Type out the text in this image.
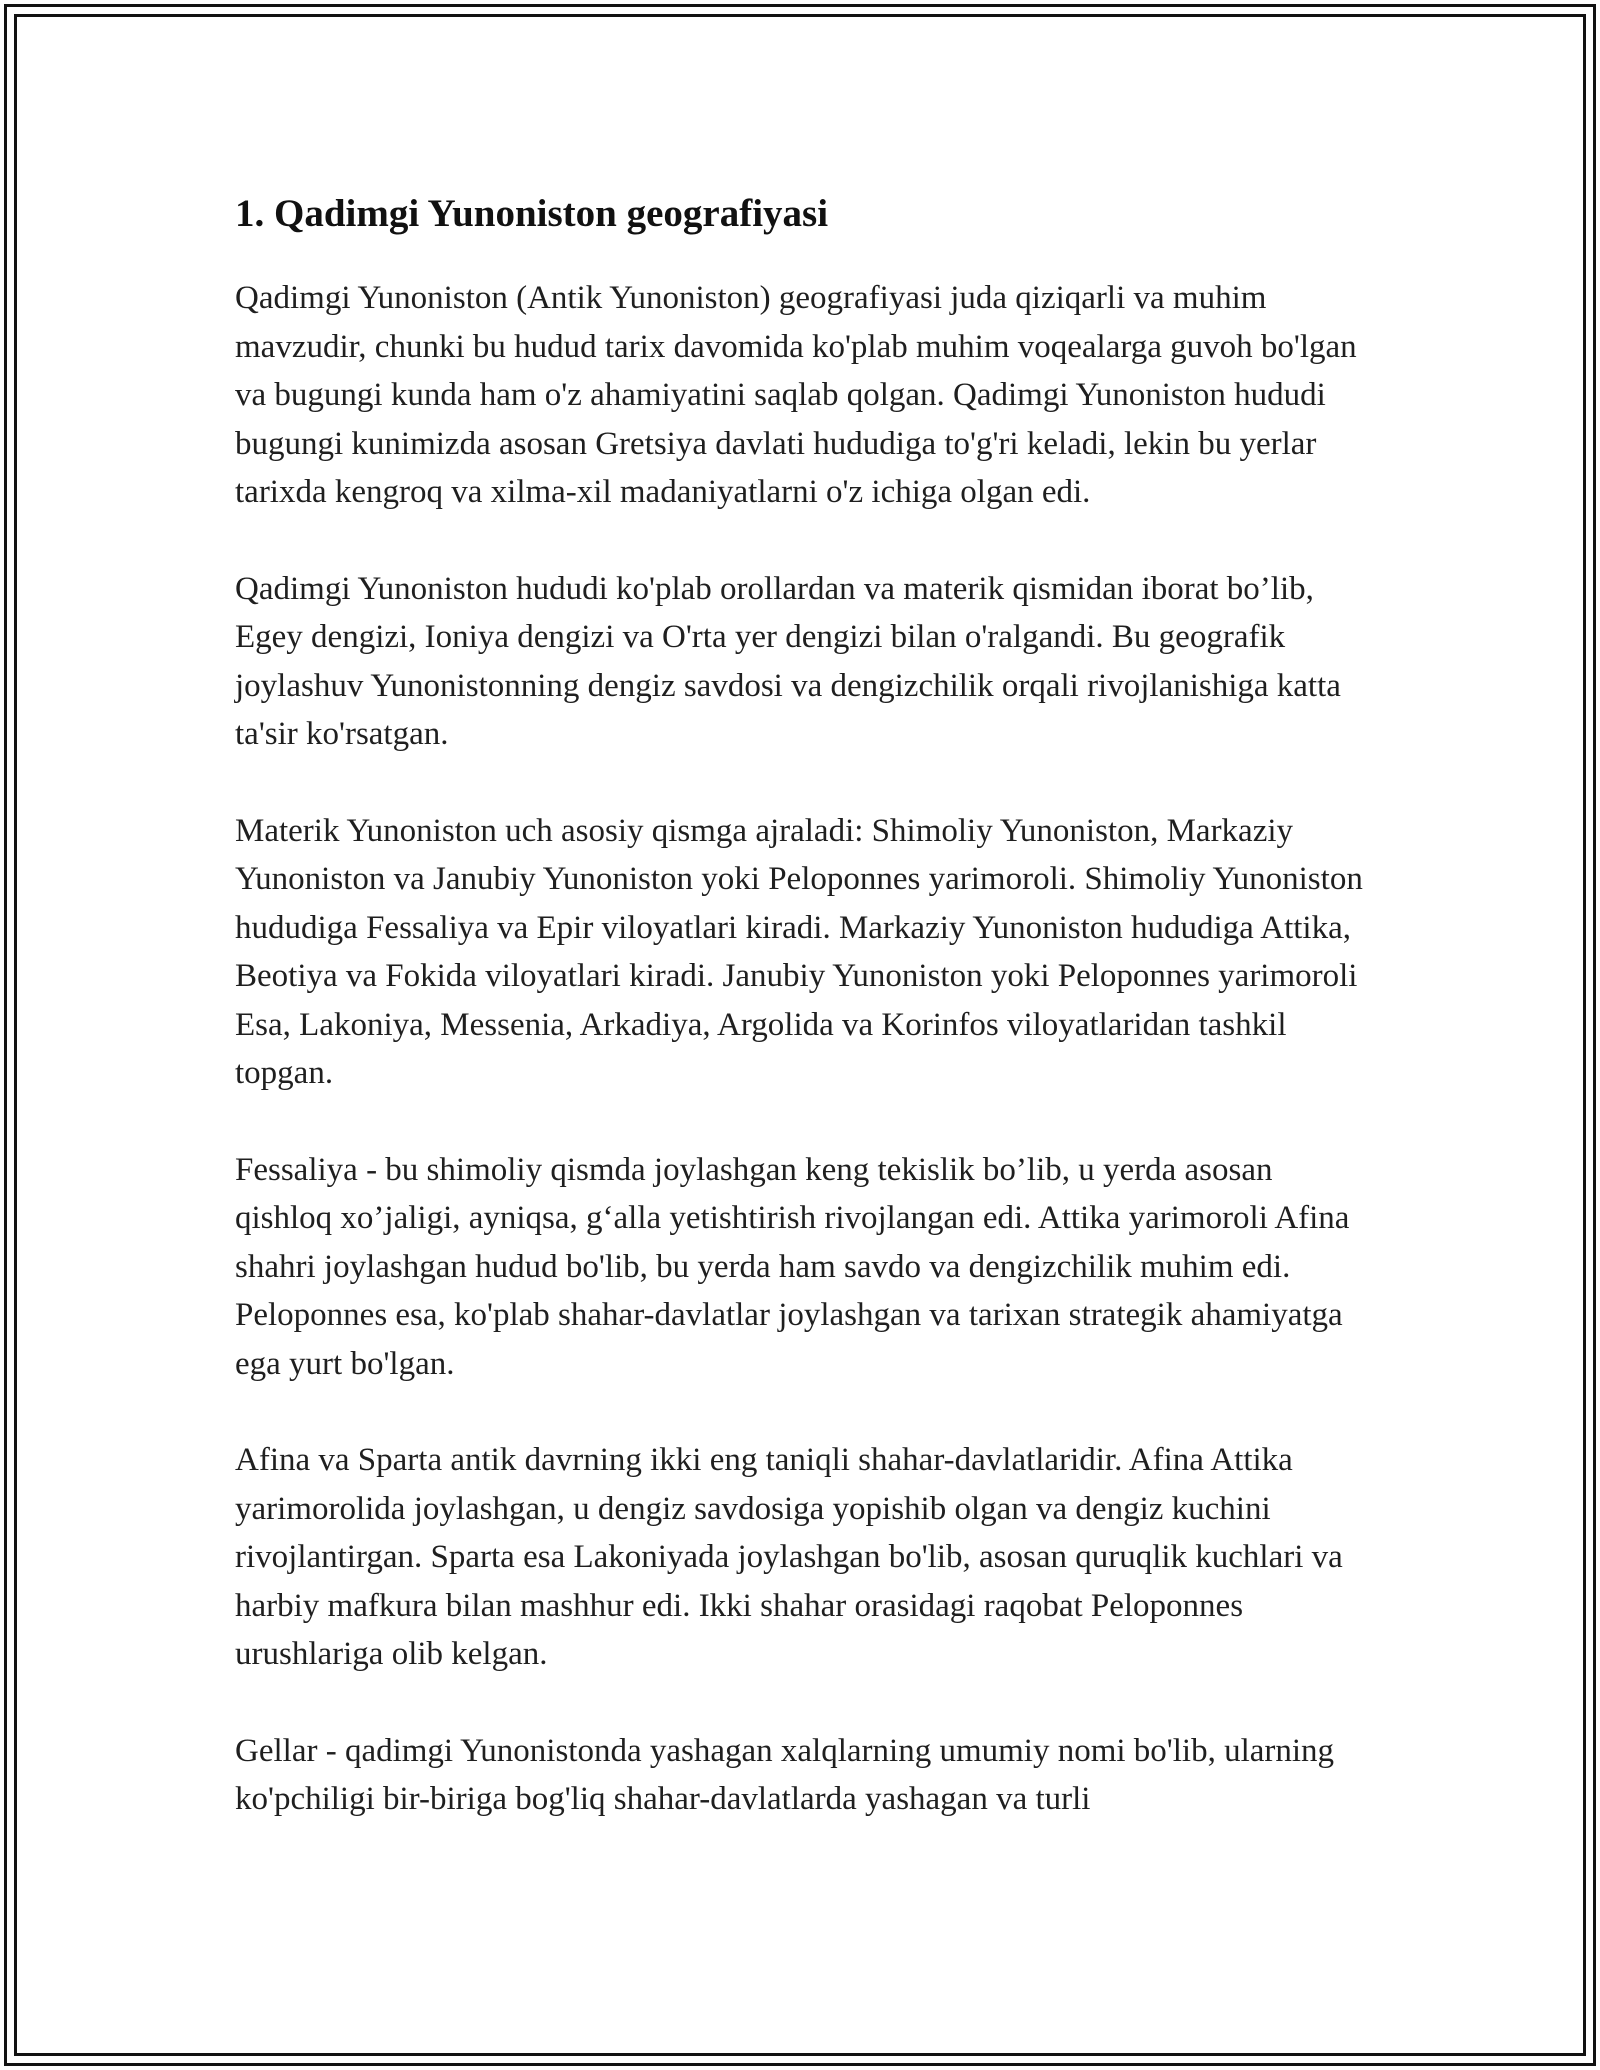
1. Qadimgi Yunoniston geografiyasi

Qadimgi Yunoniston (Antik Yunoniston) geografiyasi juda qiziqarli va muhim mavzudir, chunki bu hudud tarix davomida ko'plab muhim voqealarga guvoh bo'lgan va bugungi kunda ham o'z ahamiyatini saqlab qolgan. Qadimgi Yunoniston hududi bugungi kunimizda asosan Gretsiya davlati hududiga to'g'ri keladi, lekin bu yerlar tarixda kengroq va xilma-xil madaniyatlarni o'z ichiga olgan edi.

Qadimgi Yunoniston hududi ko'plab orollardan va materik qismidan iborat bo’lib, Egey dengizi, Ioniya dengizi va O'rta yer dengizi bilan o'ralgandi. Bu geografik joylashuv Yunonistonning dengiz savdosi va dengizchilik orqali rivojlanishiga katta ta'sir ko'rsatgan.

Materik Yunoniston uch asosiy qismga ajraladi: Shimoliy Yunoniston, Markaziy Yunoniston va Janubiy Yunoniston yoki Peloponnes yarimoroli. Shimoliy Yunoniston hududiga Fessaliya va Epir viloyatlari kiradi. Markaziy Yunoniston hududiga Attika, Beotiya va Fokida viloyatlari kiradi. Janubiy Yunoniston yoki Peloponnes yarimoroli Esa, Lakoniya, Messenia, Arkadiya, Argolida va Korinfos viloyatlaridan tashkil topgan.

Fessaliya - bu shimoliy qismda joylashgan keng tekislik bo’lib, u yerda asosan qishloq xo’jaligi, ayniqsa, g‘alla yetishtirish rivojlangan edi. Attika yarimoroli Afina shahri joylashgan hudud bo'lib, bu yerda ham savdo va dengizchilik muhim edi. Peloponnes esa, ko'plab shahar-davlatlar joylashgan va tarixan strategik ahamiyatga ega yurt bo'lgan.

Afina va Sparta antik davrning ikki eng taniqli shahar-davlatlaridir. Afina Attika yarimorolida joylashgan, u dengiz savdosiga yopishib olgan va dengiz kuchini rivojlantirgan. Sparta esa Lakoniyada joylashgan bo'lib, asosan quruqlik kuchlari va harbiy mafkura bilan mashhur edi. Ikki shahar orasidagi raqobat Peloponnes urushlariga olib kelgan.

Gellar - qadimgi Yunonistonda yashagan xalqlarning umumiy nomi bo'lib, ularning ko'pchiligi bir-biriga bog'liq shahar-davlatlarda yashagan va turli
